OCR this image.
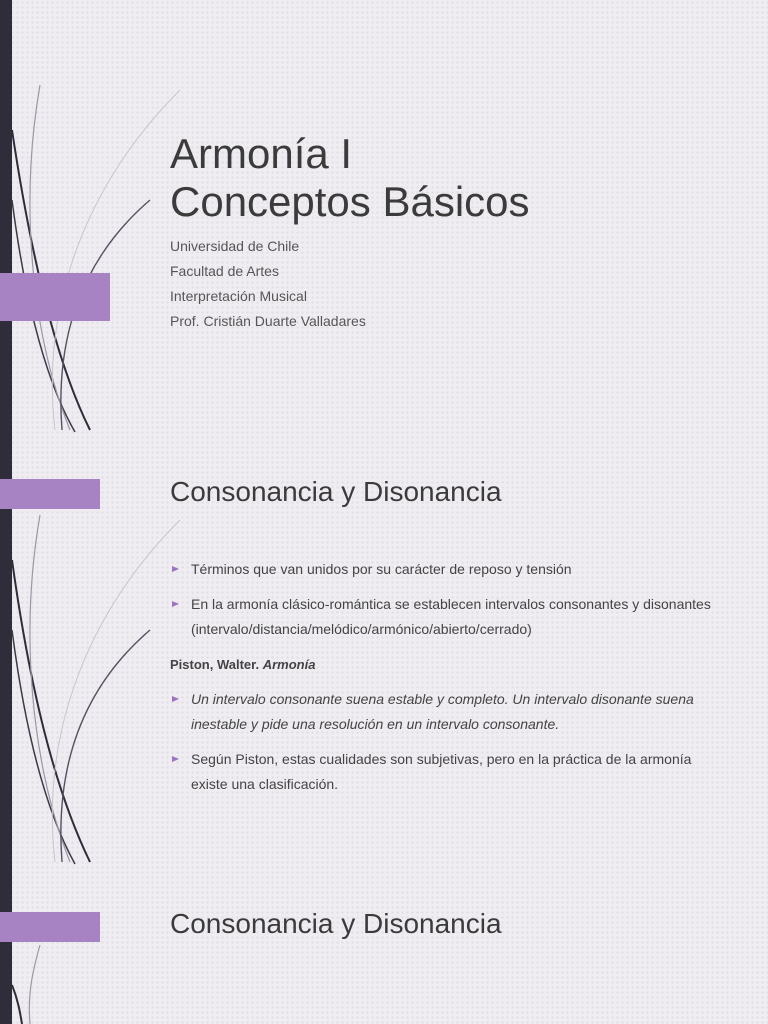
Armonía I
Conceptos Básicos
Universidad de Chile
Facultad de Artes
Interpretación Musical
Prof. Cristián Duarte Valladares
Consonancia y Disonancia
Términos que van unidos por su carácter de reposo y tensión
En la armonía clásico-romántica se establecen intervalos consonantes y disonantes (intervalo/distancia/melódico/armónico/abierto/cerrado)
Piston, Walter. Armonía
Un intervalo consonante suena estable y completo. Un intervalo disonante suena inestable y pide una resolución en un intervalo consonante.
Según Piston, estas cualidades son subjetivas, pero en la práctica de la armonía existe una clasificación.
Consonancia y Disonancia
